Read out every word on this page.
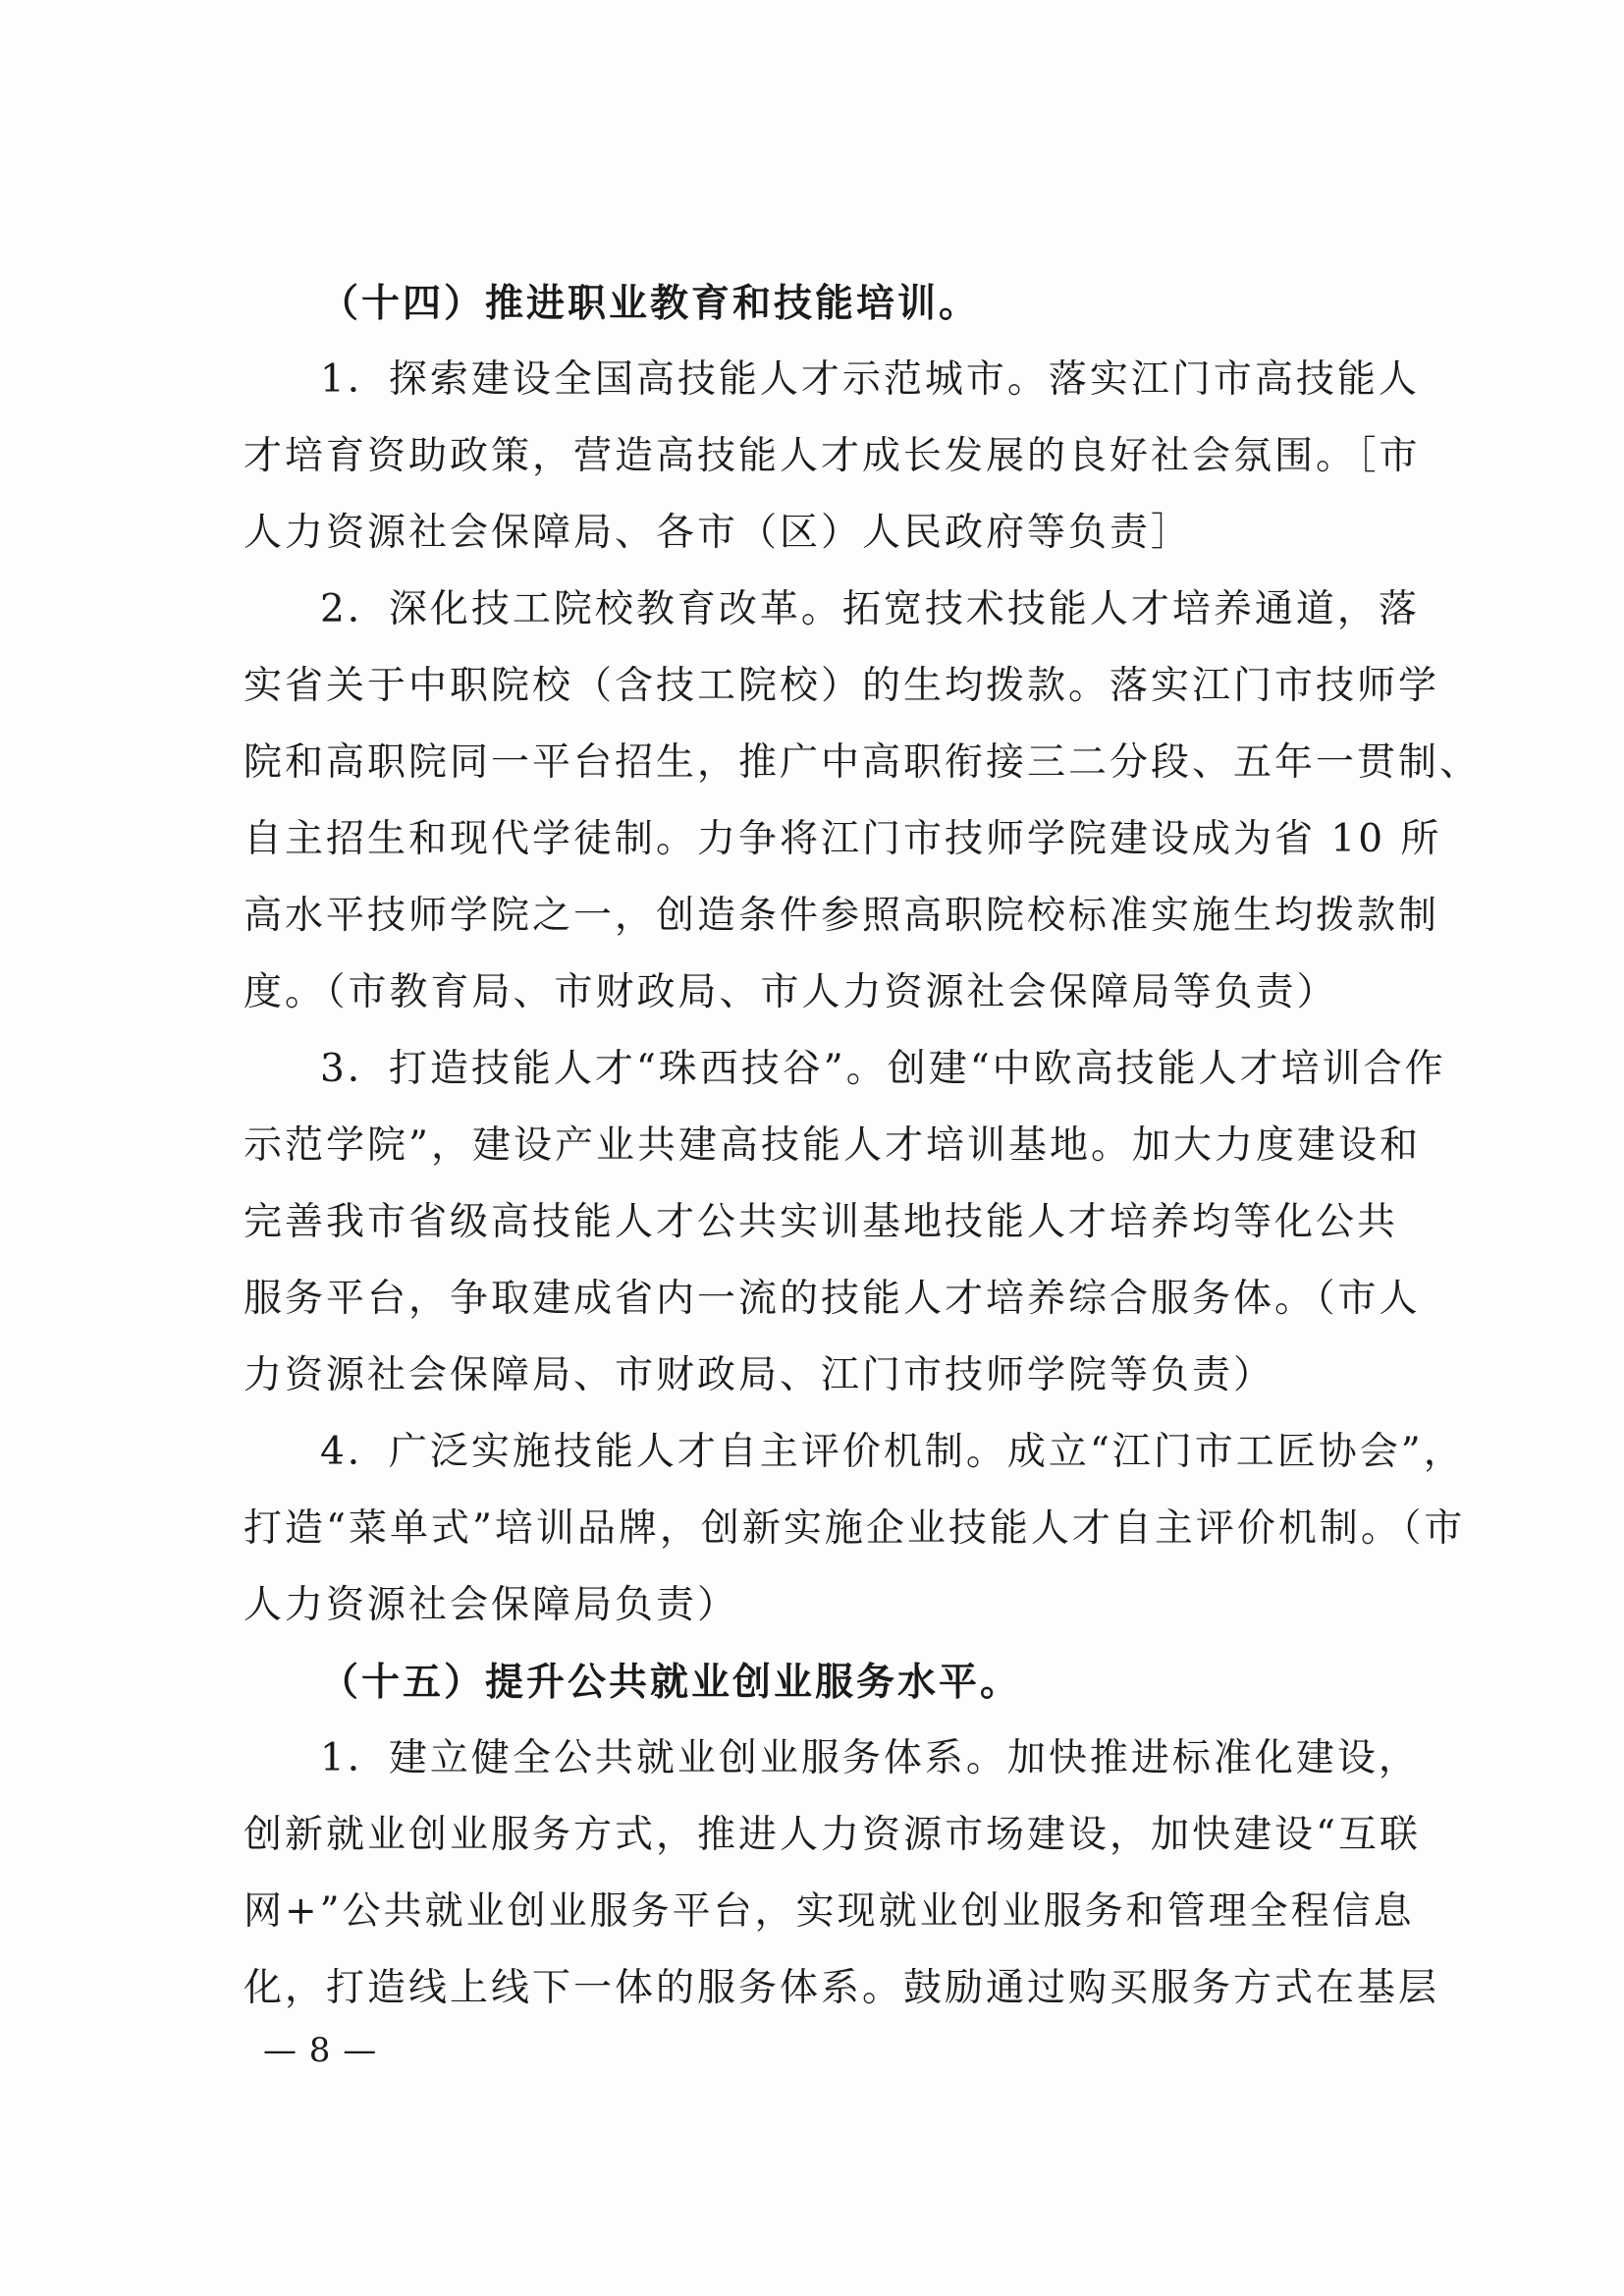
（十四）推进职业教育和技能培训。
1．探索建设全国高技能人才示范城市。落实江门市高技能人
才培育资助政策，营造高技能人才成长发展的良好社会氛围。［市
人力资源社会保障局、各市（区）人民政府等负责］
2．深化技工院校教育改革。拓宽技术技能人才培养通道，落
实省关于中职院校（含技工院校）的生均拨款。落实江门市技师学
院和高职院同一平台招生，推广中高职衔接三二分段、五年一贯制、
自主招生和现代学徒制。力争将江门市技师学院建设成为省 10 所
高水平技师学院之一，创造条件参照高职院校标准实施生均拨款制
度。（市教育局、市财政局、市人力资源社会保障局等负责）
3．打造技能人才“珠西技谷”。创建“中欧高技能人才培训合作
示范学院”，建设产业共建高技能人才培训基地。加大力度建设和
完善我市省级高技能人才公共实训基地技能人才培养均等化公共
服务平台，争取建成省内一流的技能人才培养综合服务体。（市人
力资源社会保障局、市财政局、江门市技师学院等负责）
4．广泛实施技能人才自主评价机制。成立“江门市工匠协会”，
打造“菜单式”培训品牌，创新实施企业技能人才自主评价机制。（市
人力资源社会保障局负责）
（十五）提升公共就业创业服务水平。
1．建立健全公共就业创业服务体系。加快推进标准化建设，
创新就业创业服务方式，推进人力资源市场建设，加快建设“互联
网+”公共就业创业服务平台，实现就业创业服务和管理全程信息
化，打造线上线下一体的服务体系。鼓励通过购买服务方式在基层
— 8 —
